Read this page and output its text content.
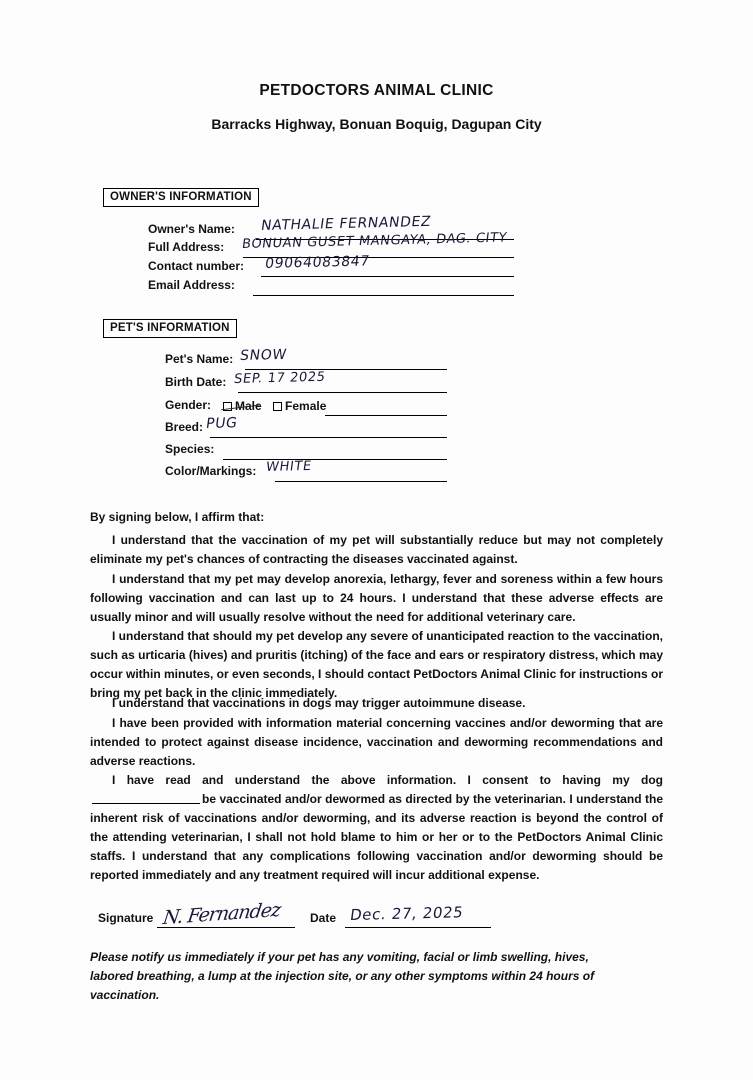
PETDOCTORS ANIMAL CLINIC
Barracks Highway, Bonuan Boquig, Dagupan City
OWNER'S INFORMATION
Owner's Name: NATHALIE FERNANDEZ
Full Address: BONUAN GUSET MANGAYA, DAG. CITY
Contact number: 09064083847
Email Address:
PET'S INFORMATION
Pet's Name: SNOW
Birth Date: SEP. 17 2025
Gender:	Male Female
Breed: PUG
Species:
Color/Markings: WHITE
By signing below, I affirm that:
I understand that the vaccination of my pet will substantially reduce but may not completely eliminate my pet's chances of contracting the diseases vaccinated against.
I understand that my pet may develop anorexia, lethargy, fever and soreness within a few hours following vaccination and can last up to 24 hours. I understand that these adverse effects are usually minor and will usually resolve without the need for additional veterinary care.
I understand that should my pet develop any severe of unanticipated reaction to the vaccination, such as urticaria (hives) and pruritis (itching) of the face and ears or respiratory distress, which may occur within minutes, or even seconds, I should contact PetDoctors Animal Clinic for instructions or bring my pet back in the clinic immediately.
I understand that vaccinations in dogs may trigger autoimmune disease.
I have been provided with information material concerning vaccines and/or deworming that are intended to protect against disease incidence, vaccination and deworming recommendations and adverse reactions.
I have read and understand the above information. I consent to having my dogbe vaccinated and/or dewormed as directed by the veterinarian. I understand the inherent risk of vaccinations and/or deworming, and its adverse reaction is beyond the control of the attending veterinarian, I shall not hold blame to him or her or to the PetDoctors Animal Clinic staffs. I understand that any complications following vaccination and/or deworming should be reported immediately and any treatment required will incur additional expense.
Signature N. Fernandez Date Dec. 27, 2025
Please notify us immediately if your pet has any vomiting, facial or limb swelling, hives, labored breathing, a lump at the injection site, or any other symptoms within 24 hours of vaccination.
